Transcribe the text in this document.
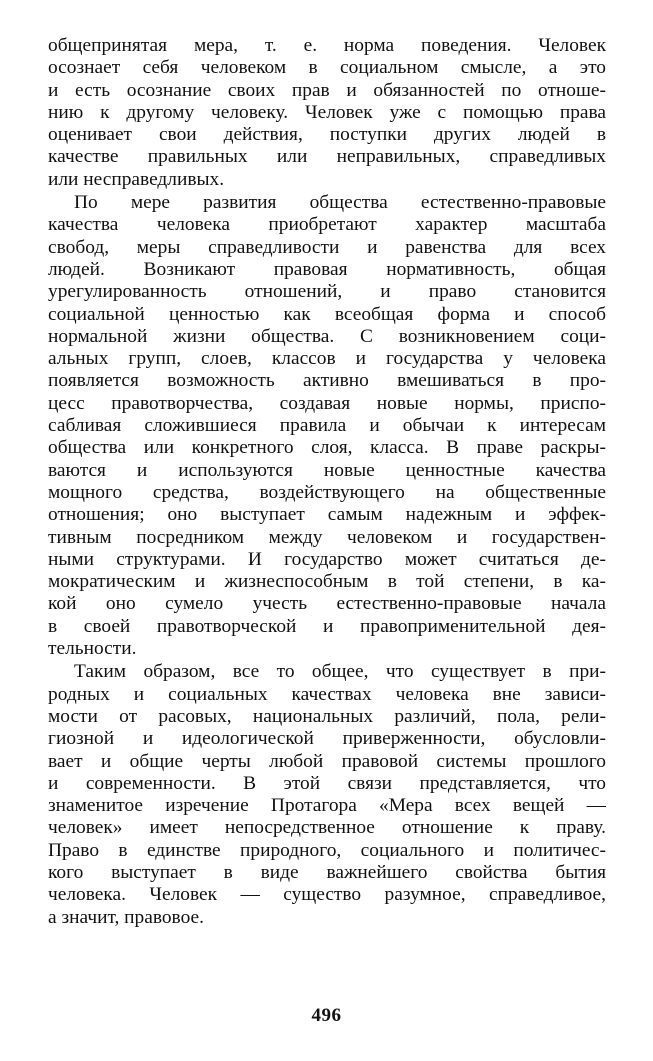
общепринятая мера, т. е. норма поведения. Человек
осознает себя человеком в социальном смысле, а это
и есть осознание своих прав и обязанностей по отноше-
нию к другому человеку. Человек уже с помощью права
оценивает свои действия, поступки других людей в
качестве правильных или неправильных, справедливых
или несправедливых.
По мере развития общества естественно-правовые
качества человека приобретают характер масштаба
свобод, меры справедливости и равенства для всех
людей. Возникают правовая нормативность, общая
урегулированность отношений, и право становится
социальной ценностью как всеобщая форма и способ
нормальной жизни общества. С возникновением соци-
альных групп, слоев, классов и государства у человека
появляется возможность активно вмешиваться в про-
цесс правотворчества, создавая новые нормы, приспо-
сабливая сложившиеся правила и обычаи к интересам
общества или конкретного слоя, класса. В праве раскры-
ваются и используются новые ценностные качества
мощного средства, воздействующего на общественные
отношения; оно выступает самым надежным и эффек-
тивным посредником между человеком и государствен-
ными структурами. И государство может считаться де-
мократическим и жизнеспособным в той степени, в ка-
кой оно сумело учесть естественно-правовые начала
в своей правотворческой и правоприменительной дея-
тельности.
Таким образом, все то общее, что существует в при-
родных и социальных качествах человека вне зависи-
мости от расовых, национальных различий, пола, рели-
гиозной и идеологической приверженности, обусловли-
вает и общие черты любой правовой системы прошлого
и современности. В этой связи представляется, что
знаменитое изречение Протагора «Мера всех вещей —
человек» имеет непосредственное отношение к праву.
Право в единстве природного, социального и политичес-
кого выступает в виде важнейшего свойства бытия
человека. Человек — существо разумное, справедливое,
а значит, правовое.
496
